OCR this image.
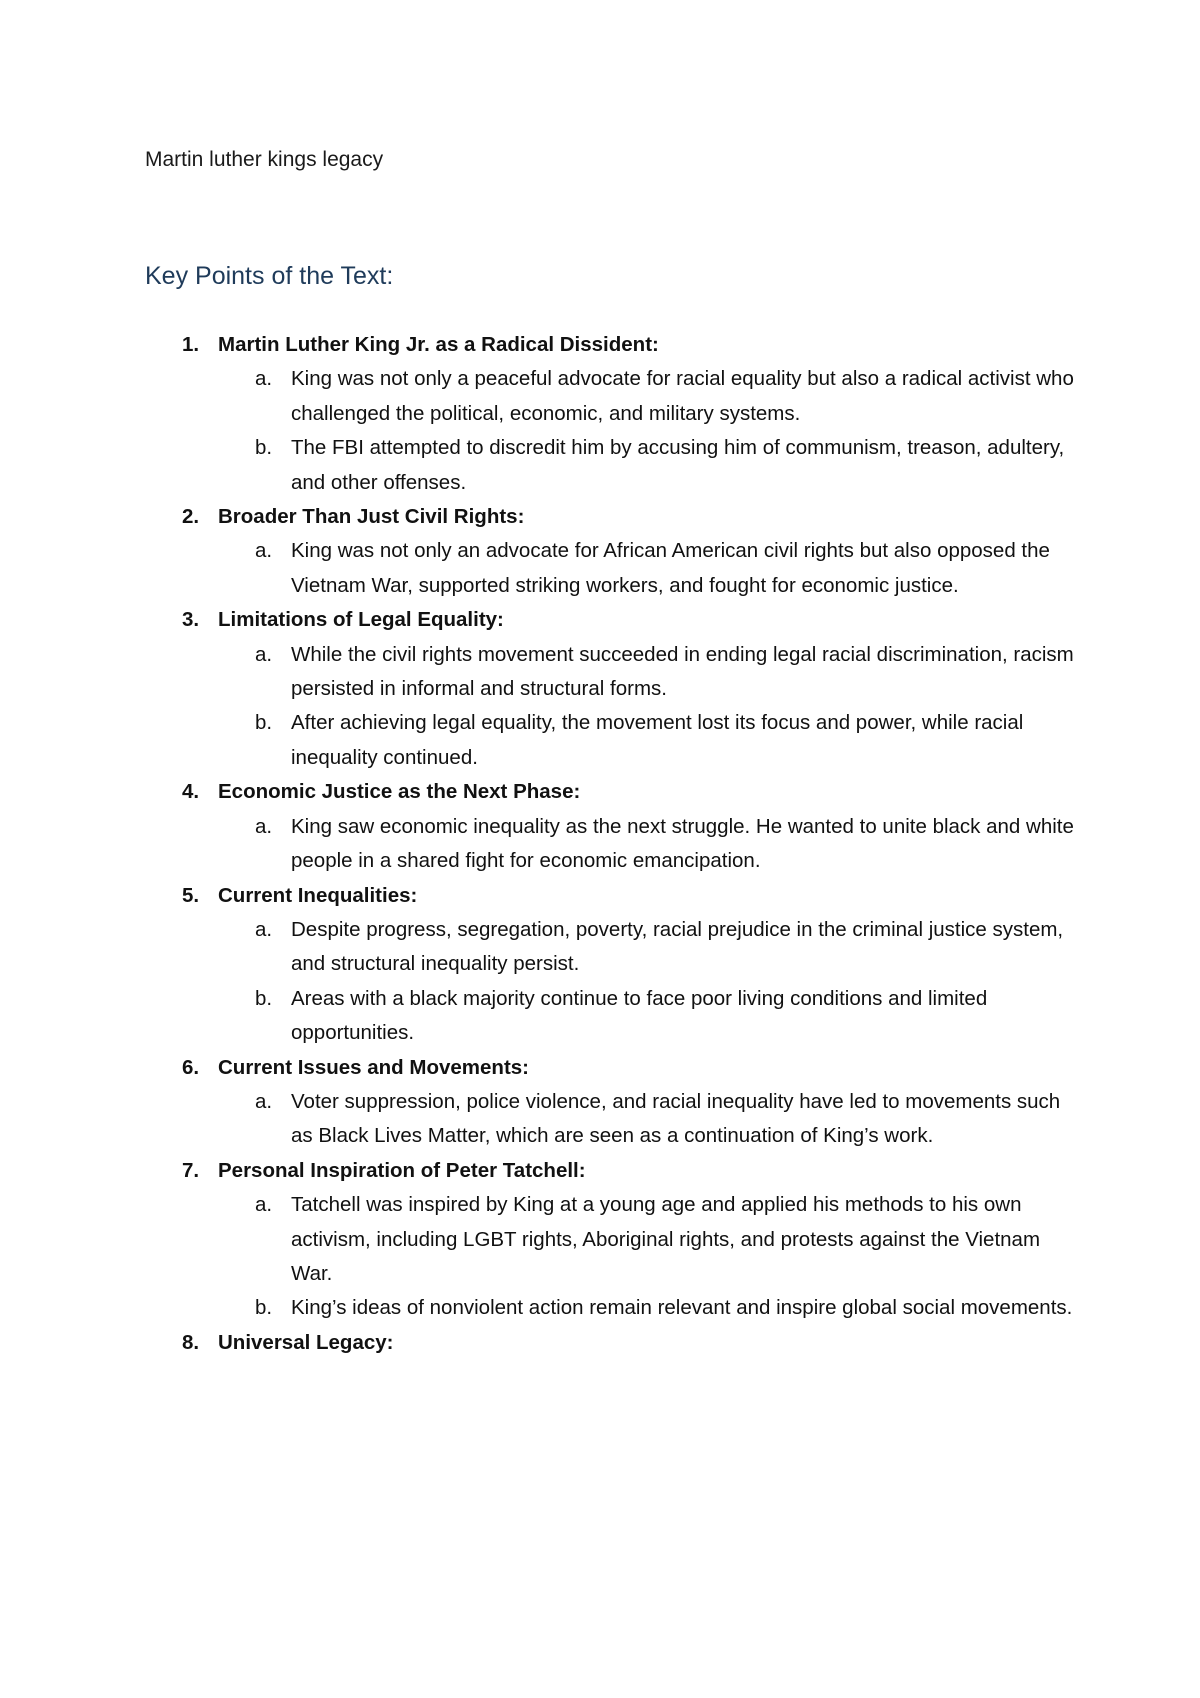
Martin luther kings legacy
Key Points of the Text:
1. Martin Luther King Jr. as a Radical Dissident:
a. King was not only a peaceful advocate for racial equality but also a radical activist who challenged the political, economic, and military systems.
b. The FBI attempted to discredit him by accusing him of communism, treason, adultery, and other offenses.
2. Broader Than Just Civil Rights:
a. King was not only an advocate for African American civil rights but also opposed the Vietnam War, supported striking workers, and fought for economic justice.
3. Limitations of Legal Equality:
a. While the civil rights movement succeeded in ending legal racial discrimination, racism persisted in informal and structural forms.
b. After achieving legal equality, the movement lost its focus and power, while racial inequality continued.
4. Economic Justice as the Next Phase:
a. King saw economic inequality as the next struggle. He wanted to unite black and white people in a shared fight for economic emancipation.
5. Current Inequalities:
a. Despite progress, segregation, poverty, racial prejudice in the criminal justice system, and structural inequality persist.
b. Areas with a black majority continue to face poor living conditions and limited opportunities.
6. Current Issues and Movements:
a. Voter suppression, police violence, and racial inequality have led to movements such as Black Lives Matter, which are seen as a continuation of King’s work.
7. Personal Inspiration of Peter Tatchell:
a. Tatchell was inspired by King at a young age and applied his methods to his own activism, including LGBT rights, Aboriginal rights, and protests against the Vietnam War.
b. King’s ideas of nonviolent action remain relevant and inspire global social movements.
8. Universal Legacy:
